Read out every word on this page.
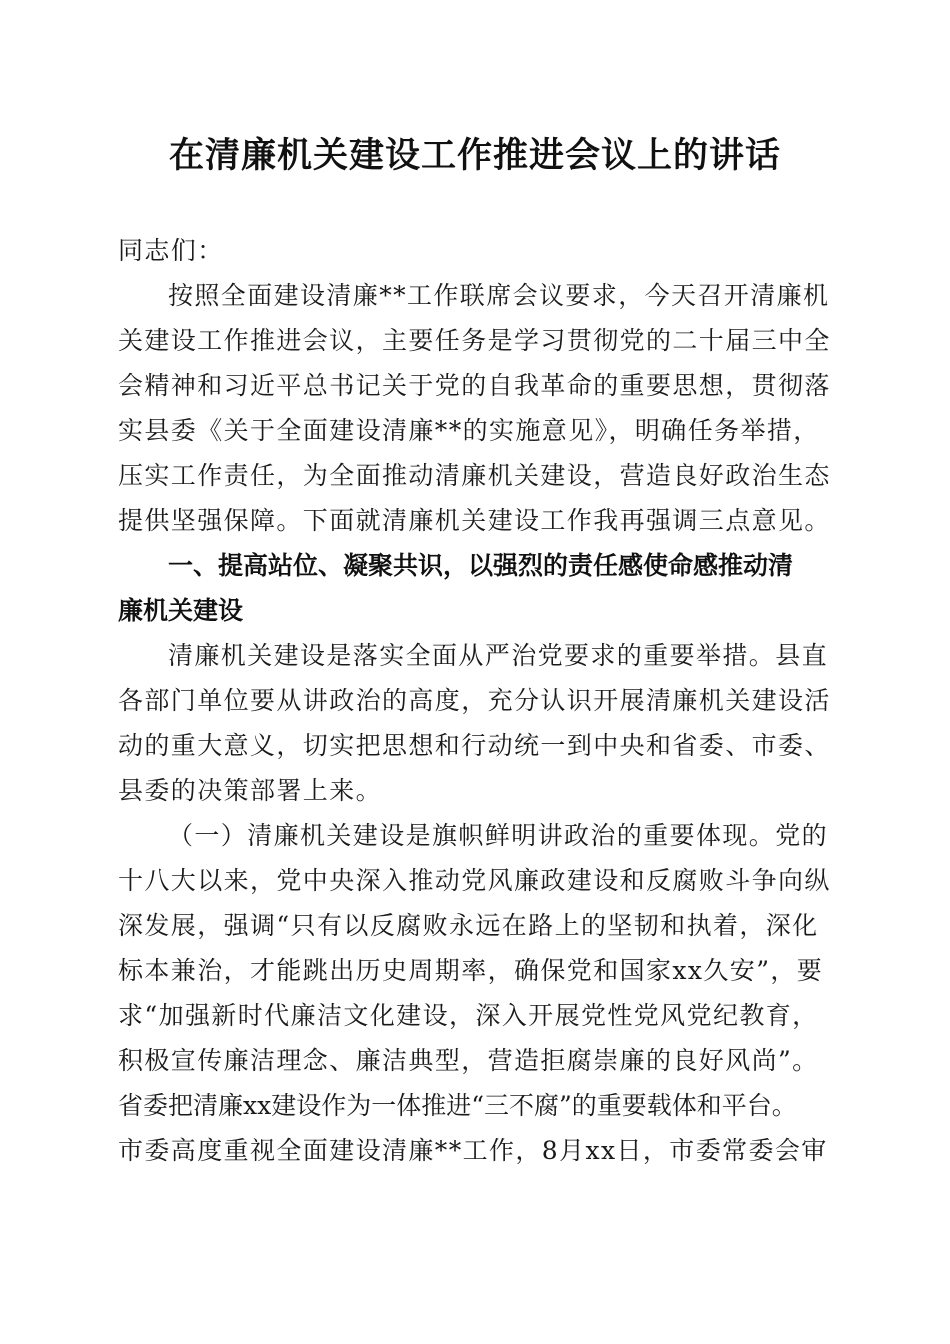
在清廉机关建设工作推进会议上的讲话
同志们：
按照全面建设清廉**工作联席会议要求，今天召开清廉机
关建设工作推进会议，主要任务是学习贯彻党的二十届三中全
会精神和习近平总书记关于党的自我革命的重要思想，贯彻落
实县委《关于全面建设清廉**的实施意见》，明确任务举措，
压实工作责任，为全面推动清廉机关建设，营造良好政治生态
提供坚强保障。下面就清廉机关建设工作我再强调三点意见。
一、提高站位、凝聚共识，以强烈的责任感使命感推动清
廉机关建设
清廉机关建设是落实全面从严治党要求的重要举措。县直
各部门单位要从讲政治的高度，充分认识开展清廉机关建设活
动的重大意义，切实把思想和行动统一到中央和省委、市委、
县委的决策部署上来。
（一）清廉机关建设是旗帜鲜明讲政治的重要体现。党的
十八大以来，党中央深入推动党风廉政建设和反腐败斗争向纵
深发展，强调“只有以反腐败永远在路上的坚韧和执着，深化
标本兼治，才能跳出历史周期率，确保党和国家xx久安”，要
求“加强新时代廉洁文化建设，深入开展党性党风党纪教育，
积极宣传廉洁理念、廉洁典型，营造拒腐崇廉的良好风尚”。
省委把清廉xx建设作为一体推进“三不腐”的重要载体和平台。
市委高度重视全面建设清廉**工作，8月xx日，市委常委会审
